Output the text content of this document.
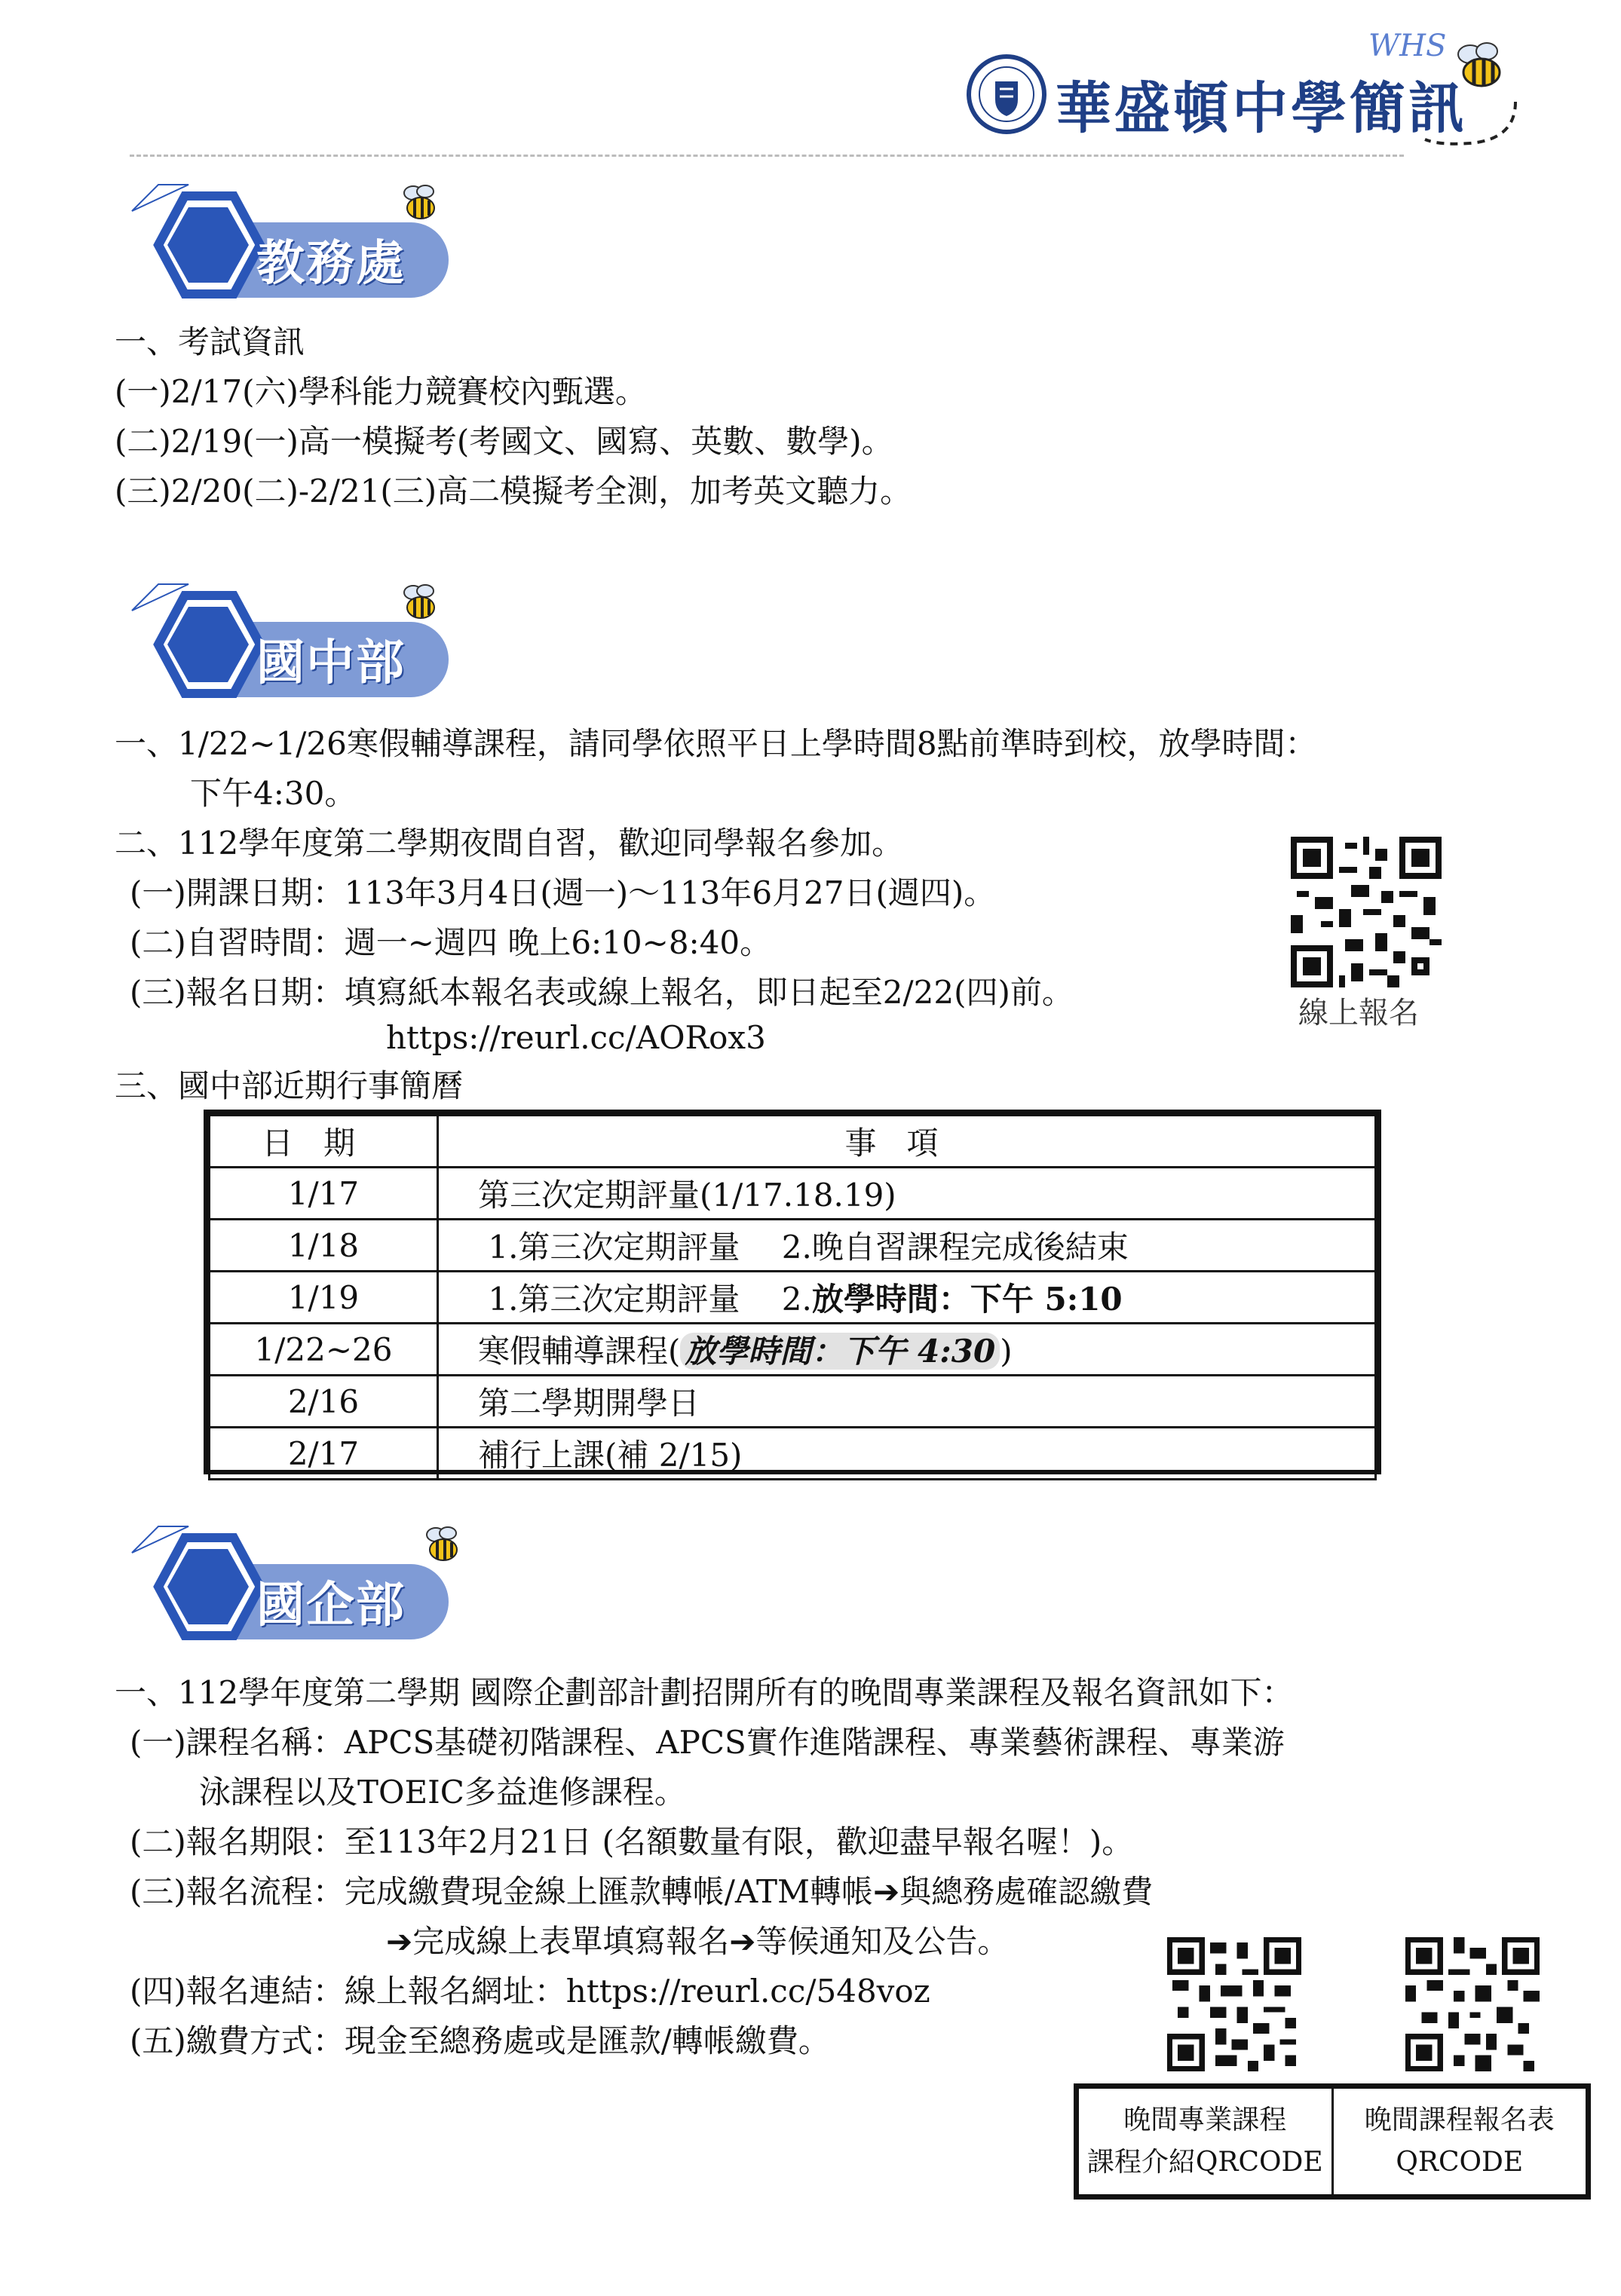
華盛頓中學簡訊
WHS
教務處
一、考試資訊
(一)2/17(六)學科能力競賽校內甄選。
(二)2/19(一)高一模擬考(考國文、國寫、英數、數學)。
(三)2/20(二)-2/21(三)高二模擬考全測，加考英文聽力。
國中部
一、1/22~1/26寒假輔導課程，請同學依照平日上學時間8點前準時到校，放學時間：
下午4:30。
二、112學年度第二學期夜間自習，歡迎同學報名參加。
(一)開課日期：113年3月4日(週一)～113年6月27日(週四)。
(二)自習時間：週一~週四 晚上6:10~8:40。
(三)報名日期：填寫紙本報名表或線上報名，即日起至2/22(四)前。
https://reurl.cc/AORox3
三、國中部近期行事簡曆
線上報名
日期	事項
1/17	第三次定期評量(1/17.18.19)
1/18	1.第三次定期評量　 2.晚自習課程完成後結束
1/19	1.第三次定期評量　 2.放學時間：下午 5:10
1/22~26	寒假輔導課程( 放學時間：下午 4:30 )
2/16	第二學期開學日
2/17	補行上課(補 2/15)
國企部
一、112學年度第二學期 國際企劃部計劃招開所有的晚間專業課程及報名資訊如下：
(一)課程名稱：APCS基礎初階課程、APCS實作進階課程、專業藝術課程、專業游
泳課程以及TOEIC多益進修課程。
(二)報名期限：至113年2月21日 (名額數量有限，歡迎盡早報名喔！)。
(三)報名流程：完成繳費現金線上匯款轉帳/ATM轉帳➔與總務處確認繳費
➔完成線上表單填寫報名➔等候通知及公告。
(四)報名連結：線上報名網址：https://reurl.cc/548voz
(五)繳費方式：現金至總務處或是匯款/轉帳繳費。
晚間專業課程
課程介紹QRCODE

晚間課程報名表
QRCODE
